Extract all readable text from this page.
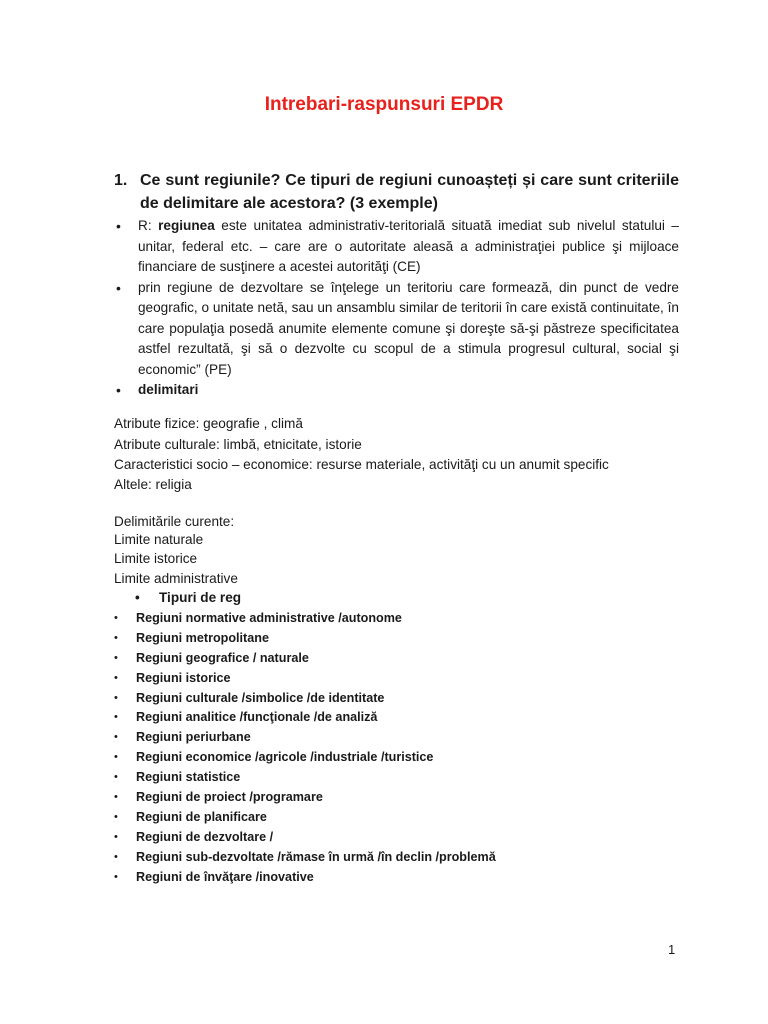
Intrebari-raspunsuri EPDR
1. Ce sunt regiunile? Ce tipuri de regiuni cunoașteți și care sunt criteriile de delimitare ale acestora? (3 exemple)
• R: regiunea este unitatea administrativ-teritorială situată imediat sub nivelul statului – unitar, federal etc. – care are o autoritate aleasă a administraţiei publice şi mijloace financiare de susţinere a acestei autorităţi (CE)
• prin regiune de dezvoltare se înţelege un teritoriu care formează, din punct de vedre geografic, o unitate netă, sau un ansamblu similar de teritorii în care există continuitate, în care populaţia posedă anumite elemente comune şi doreşte să-şi păstreze specificitatea astfel rezultată, şi să o dezvolte cu scopul de a stimula progresul cultural, social şi economic” (PE)
• delimitari
Atribute fizice: geografie , climă
Atribute culturale: limbă, etnicitate, istorie
Caracteristici socio – economice: resurse materiale, activităţi cu un anumit specific
Altele: religia
Delimitările curente:
Limite naturale
Limite istorice
Limite administrative
• Tipuri de reg
• Regiuni normative administrative /autonome
• Regiuni metropolitane
• Regiuni geografice / naturale
• Regiuni istorice
• Regiuni culturale /simbolice /de identitate
• Regiuni analitice /funcţionale /de analiză
• Regiuni periurbane
• Regiuni economice /agricole /industriale /turistice
• Regiuni statistice
• Regiuni de proiect /programare
• Regiuni de planificare
• Regiuni de dezvoltare /
• Regiuni sub-dezvoltate /rămase în urmă /în declin /problemă
• Regiuni de învăţare /inovative
1
